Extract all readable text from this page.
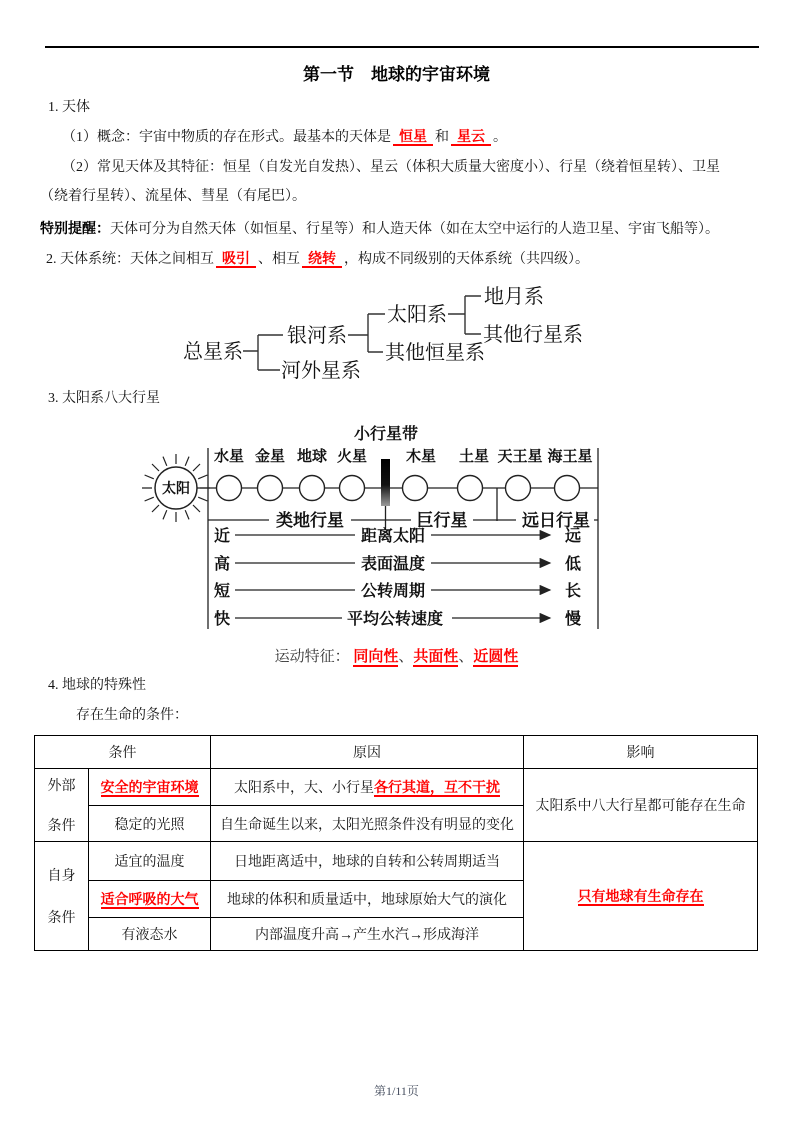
第一节　地球的宇宙环境
1. 天体
（1）概念：宇宙中物质的存在形式。最基本的天体是 恒星 和 星云 。
（2）常见天体及其特征：恒星（自发光自发热）、星云（体积大质量大密度小）、行星（绕着恒星转）、卫星
（绕着行星转）、流星体、彗星（有尾巴）。
特别提醒：天体可分为自然天体（如恒星、行星等）和人造天体（如在太空中运行的人造卫星、宇宙飞船等）。
2. 天体系统：天体之间相互 吸引 、相互 绕转 ，构成不同级别的天体系统（共四级）。
总星系
银河系
河外星系
太阳系
其他恒星系
地月系
其他行星系
3. 太阳系八大行星
太阳
小行星带
水星 金星 地球 火星	木星 土星 天王星 海王星
类地行星	巨行星	远日行星
近	距离太阳	远
高	表面温度	低
短	公转周期	长
快	平均公转速度	慢
运动特征： 同向性、共面性、近圆性
4. 地球的特殊性
存在生命的条件：
条件		原因	影响

外部
条件	安全的宇宙环境	太阳系中，大、小行星各行其道，互不干扰	太阳系中八大行星都可能存在生命
	稳定的光照	自生命诞生以来，太阳光照条件没有明显的变化	

自身
条件	适宜的温度	日地距离适中，地球的自转和公转周期适当	只有地球有生命存在
	适合呼吸的大气	地球的体积和质量适中，地球原始大气的演化	
	有液态水	内部温度升高→产生水汽→形成海洋	
第1/11页
